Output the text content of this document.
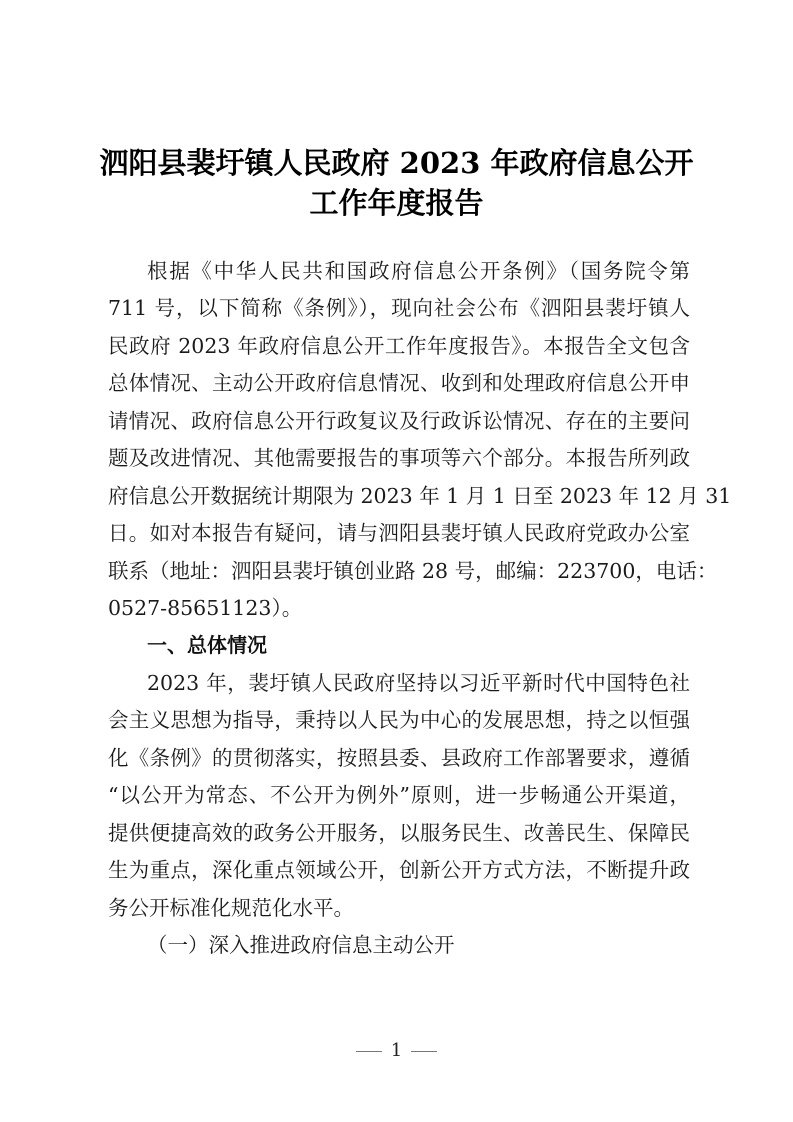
泗阳县裴圩镇人民政府 2023 年政府信息公开
工作年度报告
根据《中华人民共和国政府信息公开条例》（国务院令第
711 号，以下简称《条例》），现向社会公布《泗阳县裴圩镇人
民政府 2023 年政府信息公开工作年度报告》。本报告全文包含
总体情况、主动公开政府信息情况、收到和处理政府信息公开申
请情况、政府信息公开行政复议及行政诉讼情况、存在的主要问
题及改进情况、其他需要报告的事项等六个部分。本报告所列政
府信息公开数据统计期限为 2023 年 1 月 1 日至 2023 年 12 月 31
日。如对本报告有疑问，请与泗阳县裴圩镇人民政府党政办公室
联系（地址：泗阳县裴圩镇创业路 28 号，邮编：223700，电话：
0527-85651123）。
一、总体情况
2023 年，裴圩镇人民政府坚持以习近平新时代中国特色社
会主义思想为指导，秉持以人民为中心的发展思想，持之以恒强
化《条例》的贯彻落实，按照县委、县政府工作部署要求，遵循
“以公开为常态、不公开为例外”原则，进一步畅通公开渠道，
提供便捷高效的政务公开服务，以服务民生、改善民生、保障民
生为重点，深化重点领域公开，创新公开方式方法，不断提升政
务公开标准化规范化水平。
（一）深入推进政府信息主动公开
1
